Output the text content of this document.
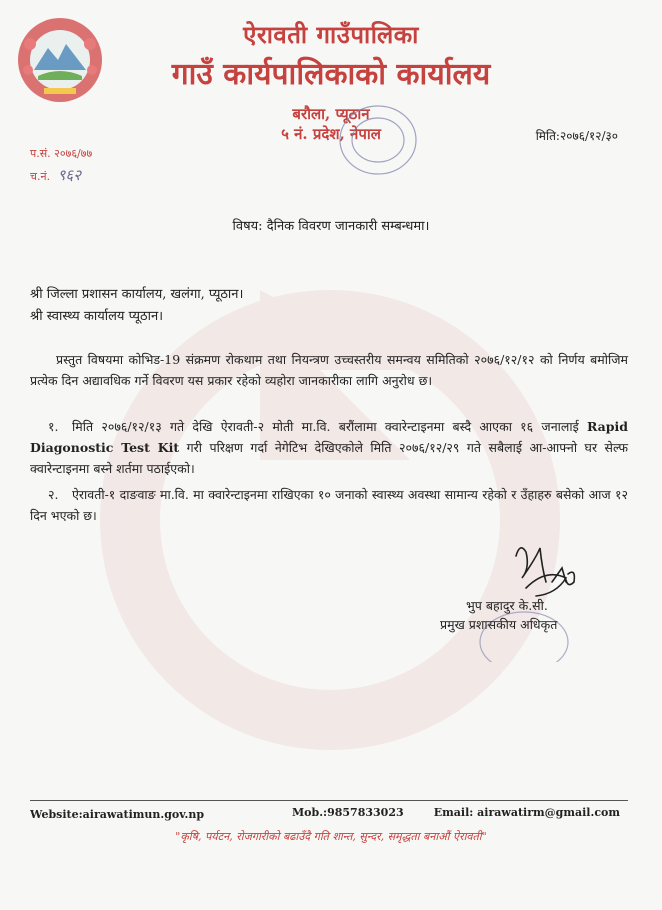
ऐरावती गाउँपालिका
गाउँ कार्यपालिकाको कार्यालय
बरौला, प्यूठान
५ नं. प्रदेश, नेपाल	मिति:२०७६/१२/३०
प.सं. २०७६/७७
च.नं. ९६२
विषय: दैनिक विवरण जानकारी सम्बन्धमा।
श्री जिल्ला प्रशासन कार्यालय, खलंगा, प्यूठान।
श्री स्वास्थ्य कार्यालय प्यूठान।
प्रस्तुत विषयमा कोभिड-19 संक्रमण रोकथाम तथा नियन्त्रण उच्चस्तरीय समन्वय समितिको २०७६/१२/१२ को निर्णय बमोजिम प्रत्येक दिन अद्यावधिक गर्ने विवरण यस प्रकार रहेको व्यहोरा जानकारीका लागि अनुरोध छ।
१. मिति २०७६/१२/१३ गते देखि ऐरावती-२ मोती मा.वि. बरौंलामा क्वारेन्टाइनमा बस्दै आएका १६ जनालाई Rapid Diagonostic Test Kit गरी परिक्षण गर्दा नेगेटिभ देखिएकोले मिति २०७६/१२/२९ गते सबैलाई आ-आफ्नो घर सेल्फ क्वारेन्टाइनमा बस्ने शर्तमा पठाईएको।
२. ऐरावती-१ दाङवाङ मा.वि. मा क्वारेन्टाइनमा राखिएका १० जनाको स्वास्थ्य अवस्था सामान्य रहेको र उँहाहरु बसेको आज १२ दिन भएको छ।
भुप बहादुर के.सी.
प्रमुख प्रशासकीय अधिकृत
Website:airawatimun.gov.np	Mob.:9857833023	Email: airawatirm@gmail.com
"कृषि, पर्यटन, रोजगारीको बढाउँदै गति शान्त, सुन्दर, समृद्धता बनाऔं ऐरावती"
